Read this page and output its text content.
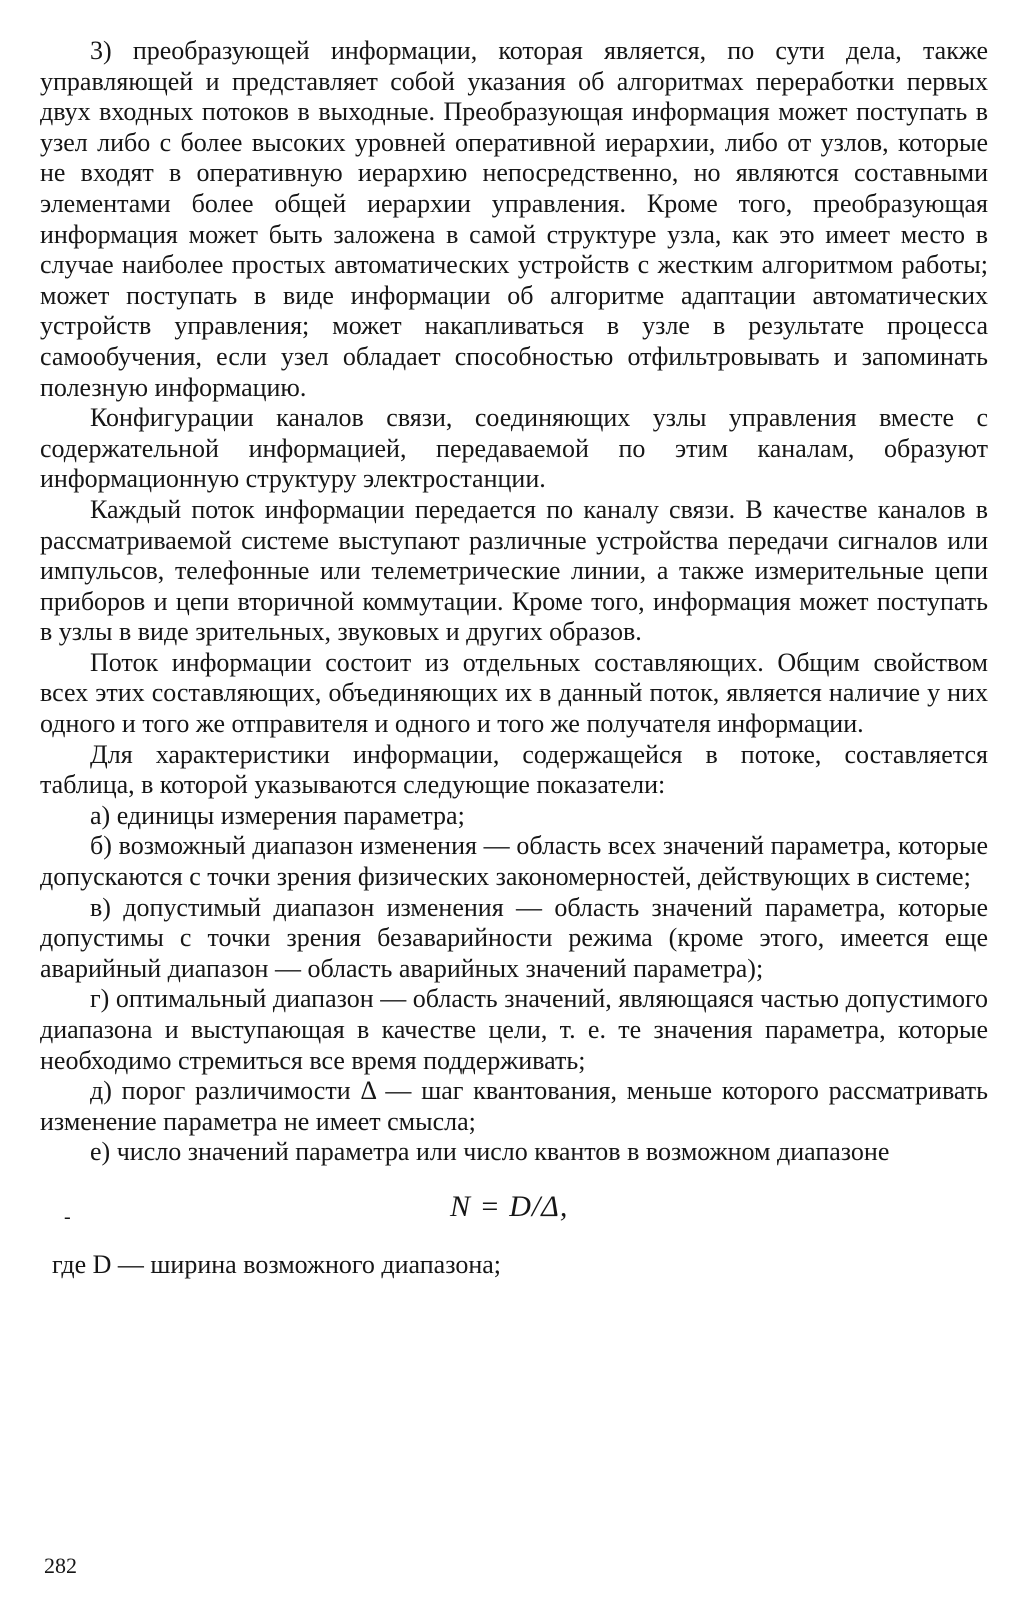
3) преобразующей информации, которая является, по сути дела, также управляющей и представляет собой указания об алгоритмах переработки первых двух входных потоков в выходные. Преобразующая информация может поступать в узел либо с более высоких уровней оперативной иерархии, либо от узлов, которые не входят в оперативную иерархию непосредственно, но являются составными элементами более общей иерархии управления. Кроме того, преобразующая информация может быть заложена в самой структуре узла, как это имеет место в случае наиболее простых автоматических устройств с жестким алгоритмом работы; может поступать в виде информации об алгоритме адаптации автоматических устройств управления; может накапливаться в узле в результате процесса самообучения, если узел обладает способностью отфильтровывать и запоминать полезную информацию.

Конфигурации каналов связи, соединяющих узлы управления вместе с содержательной информацией, передаваемой по этим каналам, образуют информационную структуру электростанции.

Каждый поток информации передается по каналу связи. В качестве каналов в рассматриваемой системе выступают различные устройства передачи сигналов или импульсов, телефонные или телеметрические линии, а также измерительные цепи приборов и цепи вторичной коммутации. Кроме того, информация может поступать в узлы в виде зрительных, звуковых и других образов.

Поток информации состоит из отдельных составляющих. Общим свойством всех этих составляющих, объединяющих их в данный поток, является наличие у них одного и того же отправителя и одного и того же получателя информации.

Для характеристики информации, содержащейся в потоке, составляется таблица, в которой указываются следующие показатели:

а) единицы измерения параметра;

б) возможный диапазон изменения — область всех значений параметра, которые допускаются с точки зрения физических закономерностей, действующих в системе;

в) допустимый диапазон изменения — область значений параметра, которые допустимы с точки зрения безаварийности режима (кроме этого, имеется еще аварийный диапазон — область аварийных значений параметра);

г) оптимальный диапазон — область значений, являющаяся частью допустимого диапазона и выступающая в качестве цели, т. е. те значения параметра, которые необходимо стремиться все время поддерживать;

д) порог различимости Δ — шаг квантования, меньше которого рассматривать изменение параметра не имеет смысла;

е) число значений параметра или число квантов в возможном диапазоне

-	N = D/Δ,

где D — ширина возможного диапазона;

282
